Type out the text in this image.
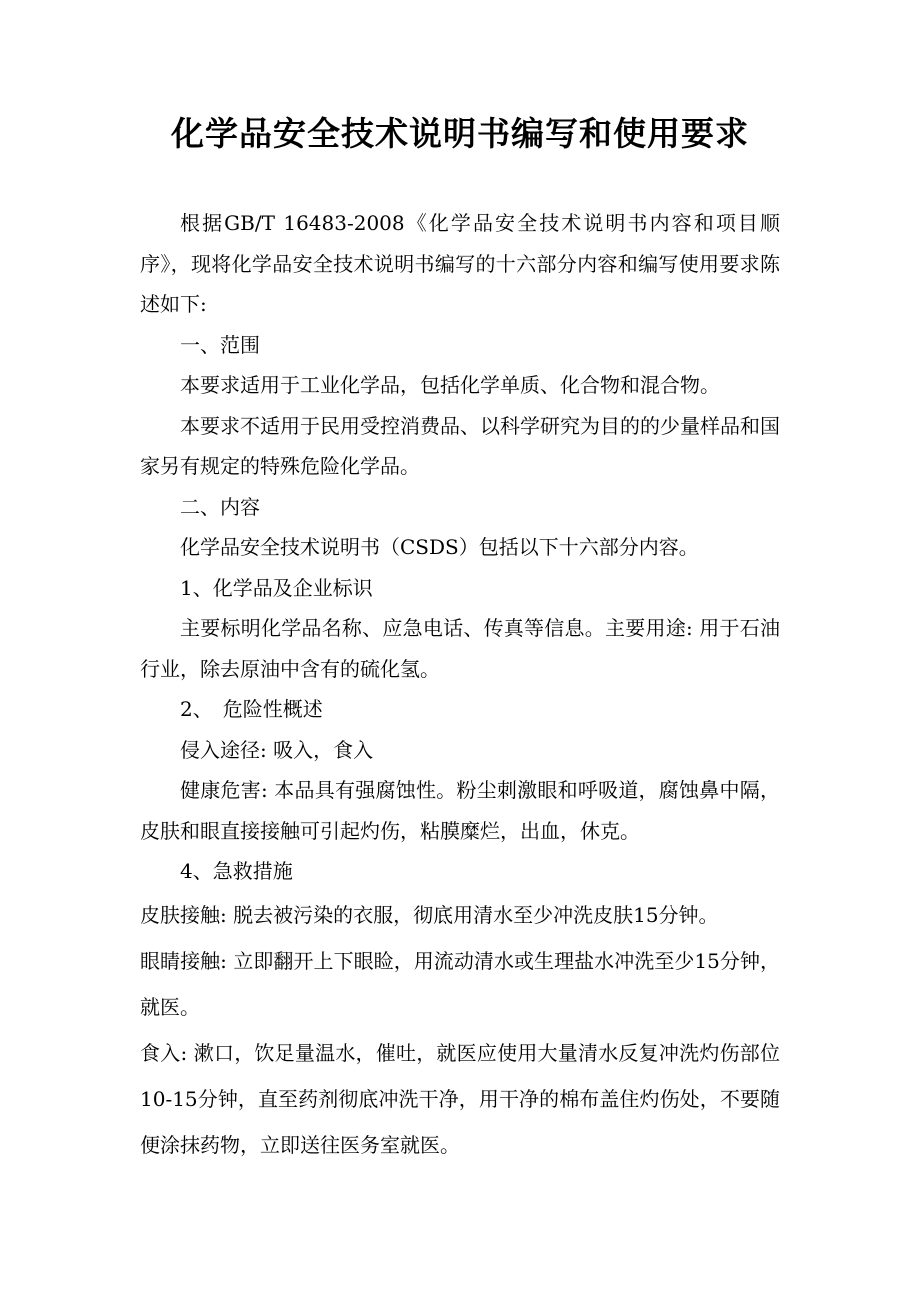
化学品安全技术说明书编写和使用要求

根据GB/T 16483-2008《化学品安全技术说明书内容和项目顺序》，现将化学品安全技术说明书编写的十六部分内容和编写使用要求陈述如下:

一、范围

本要求适用于工业化学品，包括化学单质、化合物和混合物。

本要求不适用于民用受控消费品、以科学研究为目的的少量样品和国家另有规定的特殊危险化学品。

二、内容

化学品安全技术说明书（CSDS）包括以下十六部分内容。

1、化学品及企业标识

主要标明化学品名称、应急电话、传真等信息。主要用途: 用于石油行业，除去原油中含有的硫化氢。

2、　危险性概述

侵入途径: 吸入，食入

健康危害: 本品具有强腐蚀性。粉尘刺激眼和呼吸道，腐蚀鼻中隔，皮肤和眼直接接触可引起灼伤，粘膜糜烂，出血，休克。

4、急救措施

皮肤接触: 脱去被污染的衣服，彻底用清水至少冲洗皮肤15分钟。

眼睛接触: 立即翻开上下眼睑，用流动清水或生理盐水冲洗至少15分钟，就医。

食入: 漱口，饮足量温水，催吐，就医应使用大量清水反复冲洗灼伤部位10-15分钟，直至药剂彻底冲洗干净，用干净的棉布盖住灼伤处，不要随便涂抹药物，立即送往医务室就医。
